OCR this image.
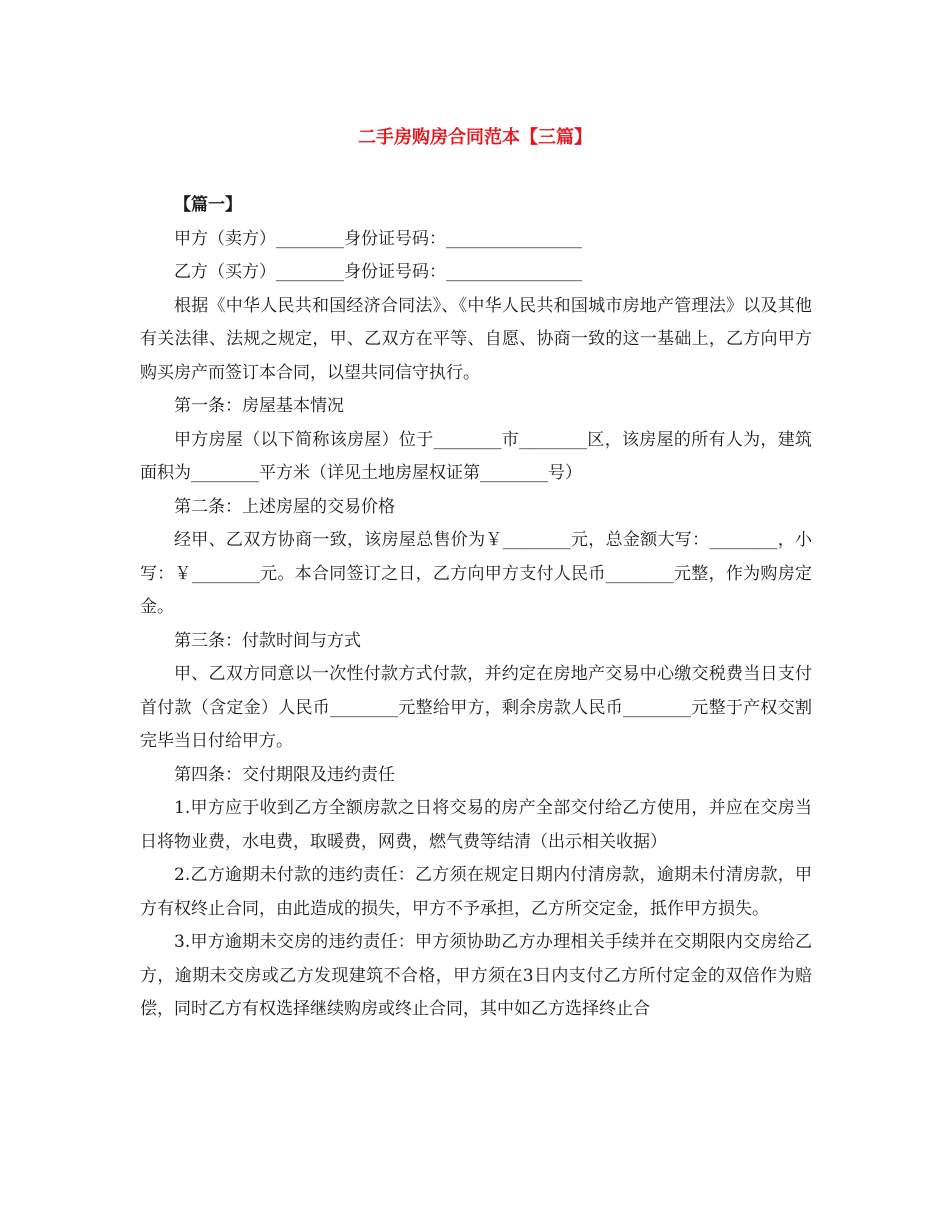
二手房购房合同范本【三篇】

【篇一】

甲方（卖方）________身份证号码：________________

乙方（买方）________身份证号码：________________

根据《中华人民共和国经济合同法》、《中华人民共和国城市房地产管理法》以及其他有关法律、法规之规定，甲、乙双方在平等、自愿、协商一致的这一基础上，乙方向甲方购买房产而签订本合同，以望共同信守执行。

第一条：房屋基本情况

甲方房屋（以下简称该房屋）位于________市________区，该房屋的所有人为，建筑面积为________平方米（详见土地房屋权证第________号）

第二条：上述房屋的交易价格

经甲、乙双方协商一致，该房屋总售价为￥________元，总金额大写：________，小写：￥________元。本合同签订之日，乙方向甲方支付人民币________元整，作为购房定金。

第三条：付款时间与方式

甲、乙双方同意以一次性付款方式付款，并约定在房地产交易中心缴交税费当日支付首付款（含定金）人民币________元整给甲方，剩余房款人民币________元整于产权交割完毕当日付给甲方。

第四条：交付期限及违约责任

1.甲方应于收到乙方全额房款之日将交易的房产全部交付给乙方使用，并应在交房当日将物业费，水电费，取暖费，网费，燃气费等结清（出示相关收据）

2.乙方逾期未付款的违约责任：乙方须在规定日期内付清房款，逾期未付清房款，甲方有权终止合同，由此造成的损失，甲方不予承担，乙方所交定金，抵作甲方损失。

3.甲方逾期未交房的违约责任：甲方须协助乙方办理相关手续并在交期限内交房给乙方，逾期未交房或乙方发现建筑不合格，甲方须在3日内支付乙方所付定金的双倍作为赔偿，同时乙方有权选择继续购房或终止合同，其中如乙方选择终止合
